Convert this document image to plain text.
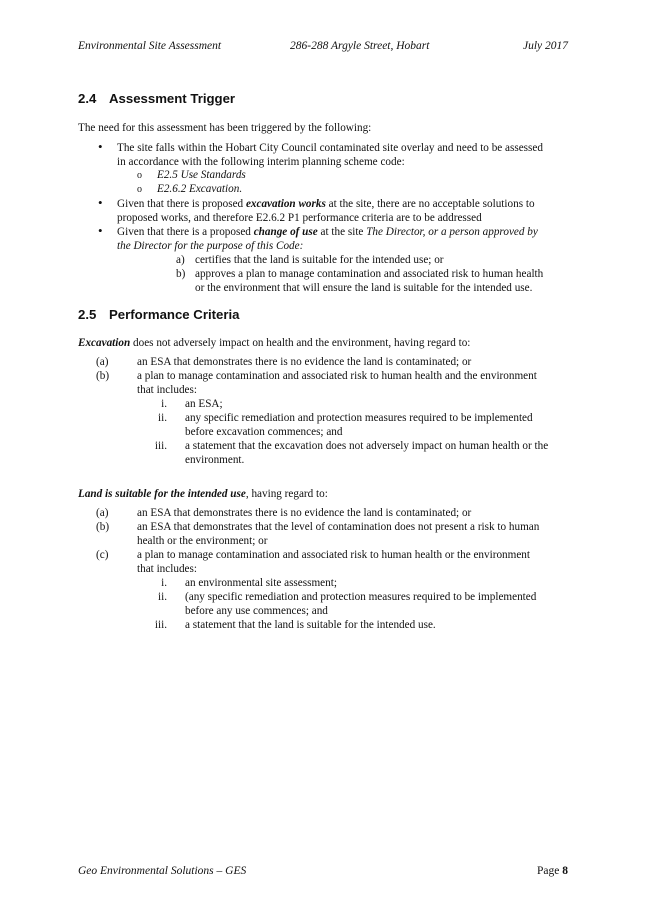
Environmental Site Assessment	286-288 Argyle Street, Hobart	July 2017
2.4 Assessment Trigger
The need for this assessment has been triggered by the following:
•	The site falls within the Hobart City Council contaminated site overlay and need to be assessed
in accordance with the following interim planning scheme code:
o	E2.5 Use Standards
o	E2.6.2 Excavation.
•	Given that there is proposed excavation works at the site, there are no acceptable solutions to
proposed works, and therefore E2.6.2 P1 performance criteria are to be addressed
•	Given that there is a proposed change of use at the site The Director, or a person approved by
the Director for the purpose of this Code:
a) certifies that the land is suitable for the intended use; or
b) approves a plan to manage contamination and associated risk to human health
or the environment that will ensure the land is suitable for the intended use.
2.5 Performance Criteria
Excavation does not adversely impact on health and the environment, having regard to:
(a)	an ESA that demonstrates there is no evidence the land is contaminated; or
(b)	a plan to manage contamination and associated risk to human health and the environment
that includes:
i. an ESA;
ii. any specific remediation and protection measures required to be implemented
before excavation commences; and
iii. a statement that the excavation does not adversely impact on human health or the
environment.
Land is suitable for the intended use, having regard to:
(a)	an ESA that demonstrates there is no evidence the land is contaminated; or
(b)	an ESA that demonstrates that the level of contamination does not present a risk to human
health or the environment; or
(c)	a plan to manage contamination and associated risk to human health or the environment
that includes:
i. an environmental site assessment;
ii. (any specific remediation and protection measures required to be implemented
before any use commences; and
iii. a statement that the land is suitable for the intended use.
Geo Environmental Solutions – GES	Page 8
